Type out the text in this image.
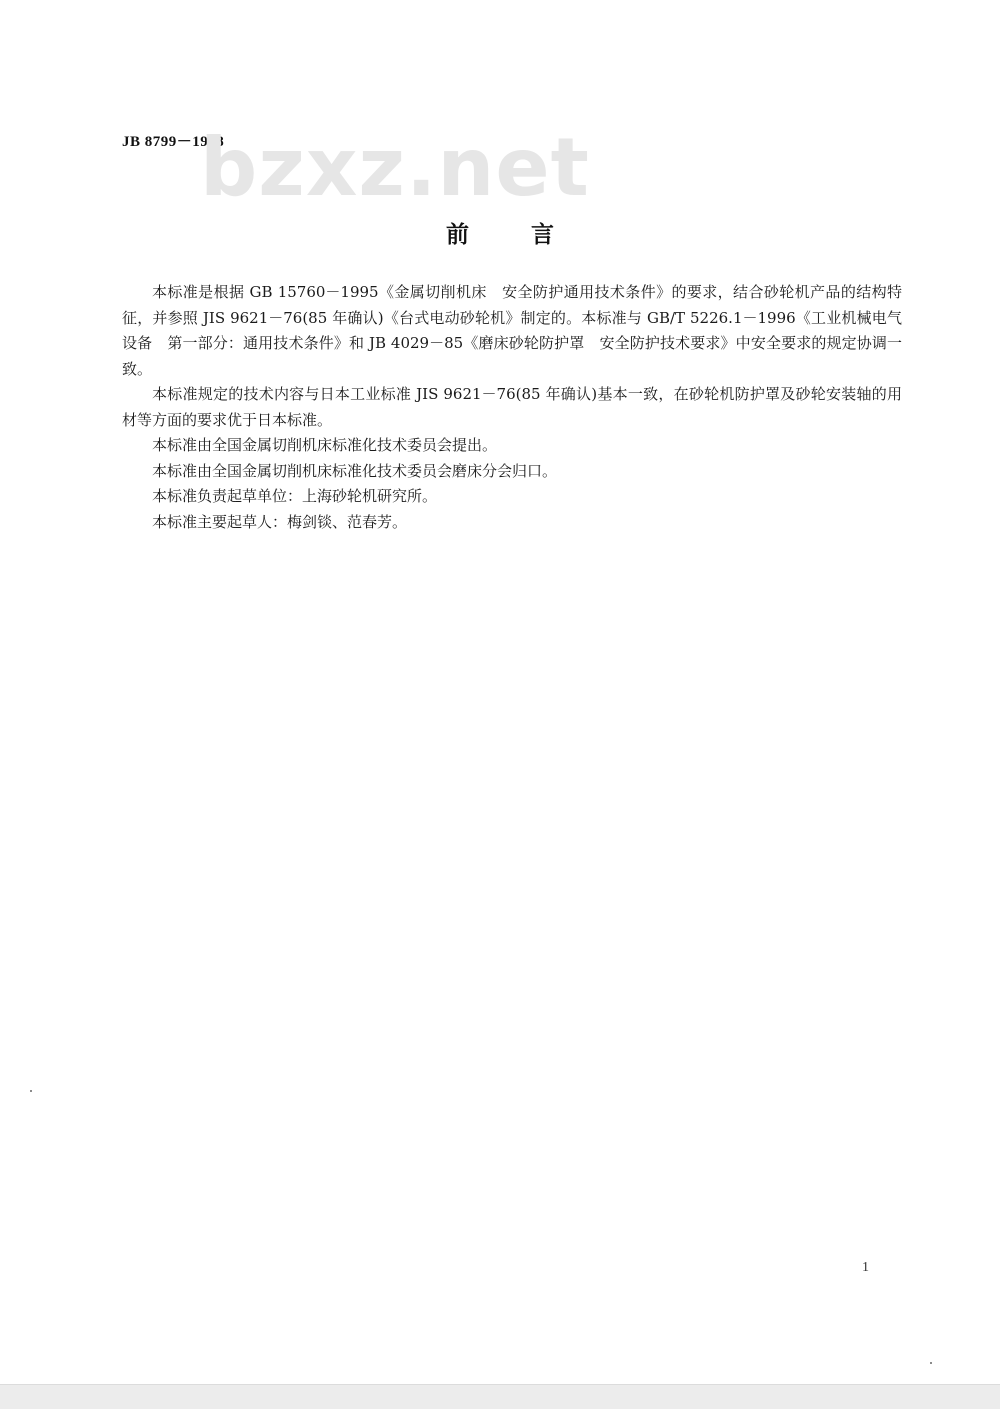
JB 8799－1998
bzxz.net
前言

本标准是根据 GB 15760－1995《金属切削机床　安全防护通用技术条件》的要求，结合砂轮机产品的结构特征，并参照 JIS 9621－76(85 年确认)《台式电动砂轮机》制定的。本标准与 GB/T 5226.1－1996《工业机械电气设备　第一部分：通用技术条件》和 JB 4029－85《磨床砂轮防护罩　安全防护技术要求》中安全要求的规定协调一致。

本标准规定的技术内容与日本工业标准 JIS 9621－76(85 年确认)基本一致，在砂轮机防护罩及砂轮安装轴的用材等方面的要求优于日本标准。

本标准由全国金属切削机床标准化技术委员会提出。

本标准由全国金属切削机床标准化技术委员会磨床分会归口。

本标准负责起草单位：上海砂轮机研究所。

本标准主要起草人：梅剑锬、范春芳。

1
